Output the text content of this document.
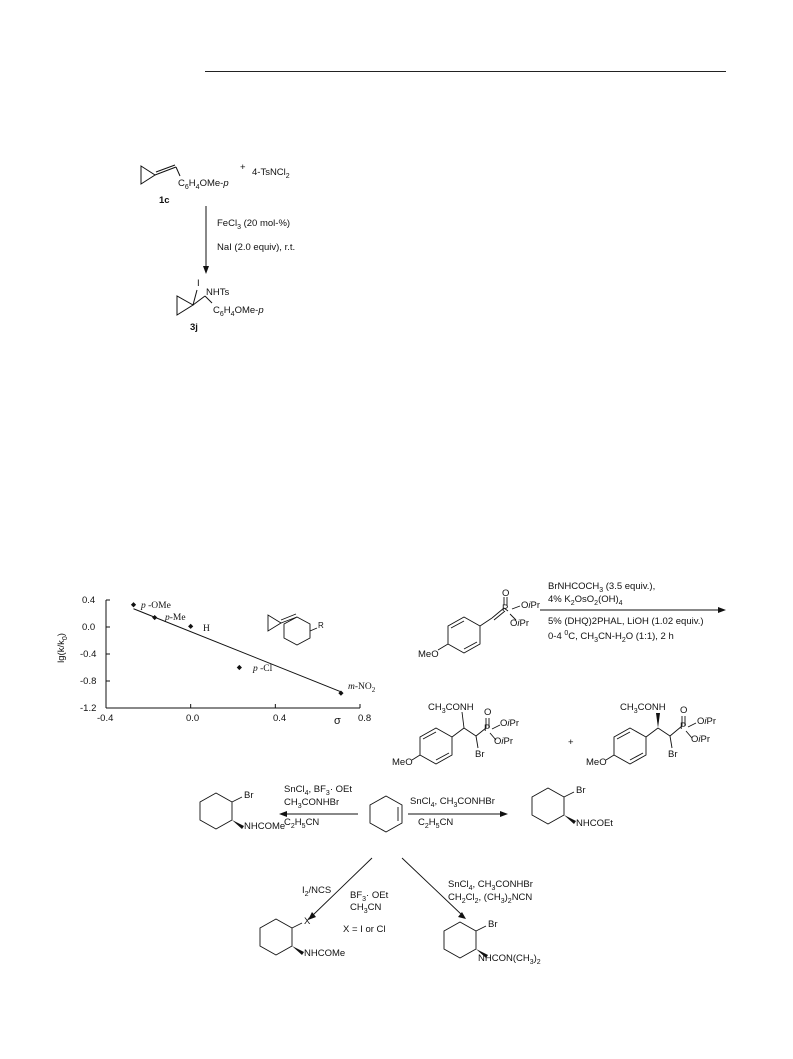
$C_6H_4OMe-p$
+ 4-TsNCl$_2$
1c
FeCl$_3$ (20 mol-%)
NaI (2.0 equiv), r.t.
I
NHTs
$C_6H_4OMe-p$
3j
0.4
0.0
-0.4
-0.8
-1.2
-0.4	0.0	0.4	σ 0.8
$\lg(k/k_0)$
p -OMe
p-Me
H
p -Cl
$m-NO_2$
R
BrNHCOCH$_3$ (3.5 equiv.),
4% $K_2OsO_2(OH)_4$
5% (DHQ)2PHAL, LiOH (1.02 equiv.)
0-4 $^0$C, $CH_3CN-H_2O$ (1:1), 2 h
O
P OiPr
OiPr
MeO
$CH_3CONH$ O
P OiPr
OiPr
Br
MeO
+
$CH_3CONH$ O
P OiPr
OiPr
Br
MeO
SnCl$_4$, $BF_3\cdot$ OEt
$CH_3CONHBr$
$C_2H_5CN$
SnCl$_4$, $CH_3CONHBr$
$C_2H_5CN$
Br
NHCOMe
Br
NHCOEt
$I_2$/NCS $BF_3\cdot$ OEt
$CH_3CN$
X = I or Cl
SnCl$_4$, $CH_3CONHBr$
$CH_2Cl_2$, $(CH_3)_2NCN$
X
NHCOMe
Br
$NHCON(CH_3)_2$
